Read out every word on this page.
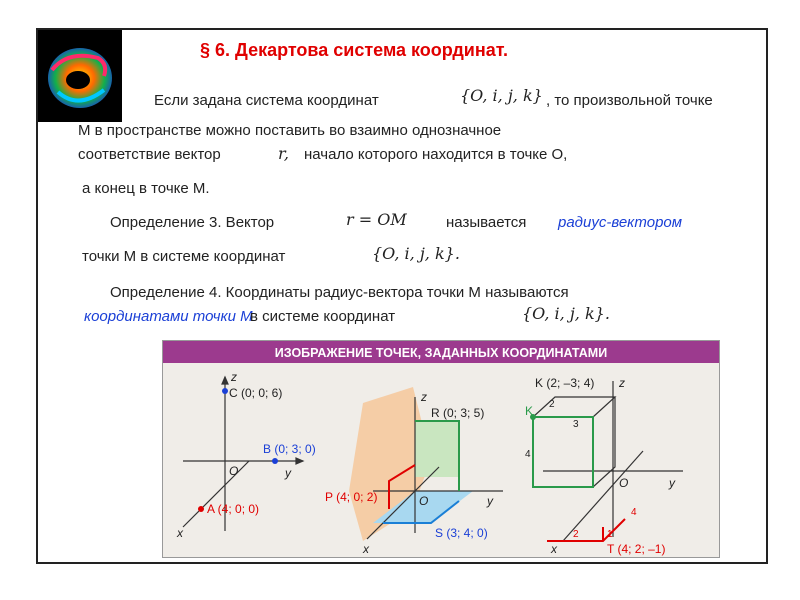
§ 6. Декартова система координат.
Если задана система координат	{O, i, j, k} , то произвольной точке
M в пространстве можно поставить во взаимно однозначное
соответствие вектор	r, начало которого находится в точке O,
а конец в точке M.
Определение 3. Вектор	r = OM	называется радиус-вектором
точки M в системе координат	{O, i, j, k}.
Определение 4. Координаты радиус-вектора точки M называются
координатами точки M
в системе координат	{O, i, j, k}.
ИЗОБРАЖЕНИЕ ТОЧЕК, ЗАДАННЫХ КООРДИНАТАМИ
z
C (0; 0; 6)
B (0; 3; 0)
y
O
A (4; 0; 0)
x
z
R (0; 3; 5)
y
O
P (4; 0; 2)
S (3; 4; 0)
x
z
K (2; –3; 4)
K 2
3
4
O	y
4
1
2
T (4; 2; –1)
x
